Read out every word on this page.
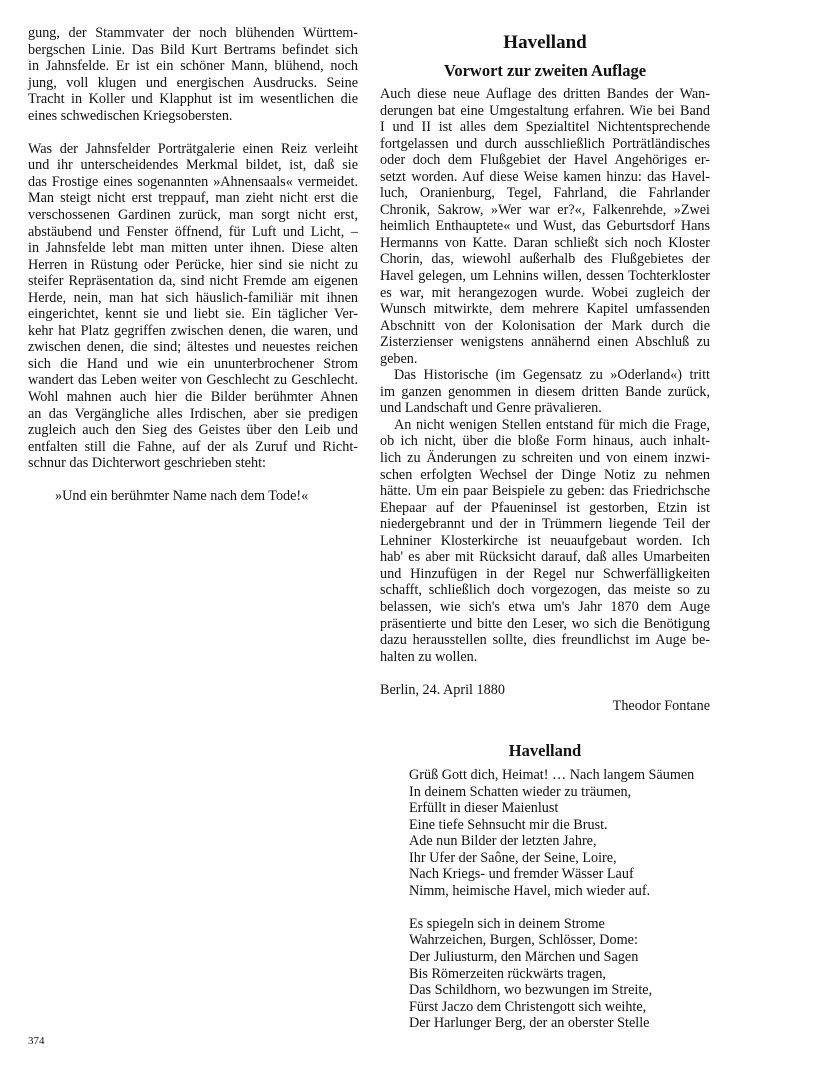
gung, der Stammvater der noch blühenden Württem-
bergschen Linie. Das Bild Kurt Bertrams befindet sich
in Jahnsfelde. Er ist ein schöner Mann, blühend, noch
jung, voll klugen und energischen Ausdrucks. Seine
Tracht in Koller und Klapphut ist im wesentlichen die
eines schwedischen Kriegsobersten.
Was der Jahnsfelder Porträtgalerie einen Reiz verleiht
und ihr unterscheidendes Merkmal bildet, ist, daß sie
das Frostige eines sogenannten »Ahnensaals« vermeidet.
Man steigt nicht erst treppauf, man zieht nicht erst die
verschossenen Gardinen zurück, man sorgt nicht erst,
abstäubend und Fenster öffnend, für Luft und Licht, –
in Jahnsfelde lebt man mitten unter ihnen. Diese alten
Herren in Rüstung oder Perücke, hier sind sie nicht zu
steifer Repräsentation da, sind nicht Fremde am eigenen
Herde, nein, man hat sich häuslich-familiär mit ihnen
eingerichtet, kennt sie und liebt sie. Ein täglicher Ver-
kehr hat Platz gegriffen zwischen denen, die waren, und
zwischen denen, die sind; ältestes und neuestes reichen
sich die Hand und wie ein ununterbrochener Strom
wandert das Leben weiter von Geschlecht zu Geschlecht.
Wohl mahnen auch hier die Bilder berühmter Ahnen
an das Vergängliche alles Irdischen, aber sie predigen
zugleich auch den Sieg des Geistes über den Leib und
entfalten still die Fahne, auf der als Zuruf und Richt-
schnur das Dichterwort geschrieben steht:
»Und ein berühmter Name nach dem Tode!«
Havelland
Vorwort zur zweiten Auflage
Auch diese neue Auflage des dritten Bandes der Wan-
derungen bat eine Umgestaltung erfahren. Wie bei Band
I und II ist alles dem Spezialtitel Nichtentsprechende
fortgelassen und durch ausschließlich Porträtländisches
oder doch dem Flußgebiet der Havel Angehöriges er-
setzt worden. Auf diese Weise kamen hinzu: das Havel-
luch, Oranienburg, Tegel, Fahrland, die Fahrlander
Chronik, Sakrow, »Wer war er?«, Falkenrehde, »Zwei
heimlich Enthauptete« und Wust, das Geburtsdorf Hans
Hermanns von Katte. Daran schließt sich noch Kloster
Chorin, das, wiewohl außerhalb des Flußgebietes der
Havel gelegen, um Lehnins willen, dessen Tochterkloster
es war, mit herangezogen wurde. Wobei zugleich der
Wunsch mitwirkte, dem mehrere Kapitel umfassenden
Abschnitt von der Kolonisation der Mark durch die
Zisterzienser wenigstens annähernd einen Abschluß zu
geben.
Das Historische (im Gegensatz zu »Oderland«) tritt
im ganzen genommen in diesem dritten Bande zurück,
und Landschaft und Genre prävalieren.
An nicht wenigen Stellen entstand für mich die Frage,
ob ich nicht, über die bloße Form hinaus, auch inhalt-
lich zu Änderungen zu schreiten und von einem inzwi-
schen erfolgten Wechsel der Dinge Notiz zu nehmen
hätte. Um ein paar Beispiele zu geben: das Friedrichsche
Ehepaar auf der Pfaueninsel ist gestorben, Etzin ist
niedergebrannt und der in Trümmern liegende Teil der
Lehniner Klosterkirche ist neuaufgebaut worden. Ich
hab' es aber mit Rücksicht darauf, daß alles Umarbeiten
und Hinzufügen in der Regel nur Schwerfälligkeiten
schafft, schließlich doch vorgezogen, das meiste so zu
belassen, wie sich's etwa um's Jahr 1870 dem Auge
präsentierte und bitte den Leser, wo sich die Benötigung
dazu herausstellen sollte, dies freundlichst im Auge be-
halten zu wollen.
Berlin, 24. April 1880
Theodor Fontane
Havelland
Grüß Gott dich, Heimat! … Nach langem Säumen
In deinem Schatten wieder zu träumen,
Erfüllt in dieser Maienlust
Eine tiefe Sehnsucht mir die Brust.
Ade nun Bilder der letzten Jahre,
Ihr Ufer der Saône, der Seine, Loire,
Nach Kriegs- und fremder Wässer Lauf
Nimm, heimische Havel, mich wieder auf.
Es spiegeln sich in deinem Strome
Wahrzeichen, Burgen, Schlösser, Dome:
Der Juliusturm, den Märchen und Sagen
Bis Römerzeiten rückwärts tragen,
Das Schildhorn, wo bezwungen im Streite,
Fürst Jaczo dem Christengott sich weihte,
Der Harlunger Berg, der an oberster Stelle
374
